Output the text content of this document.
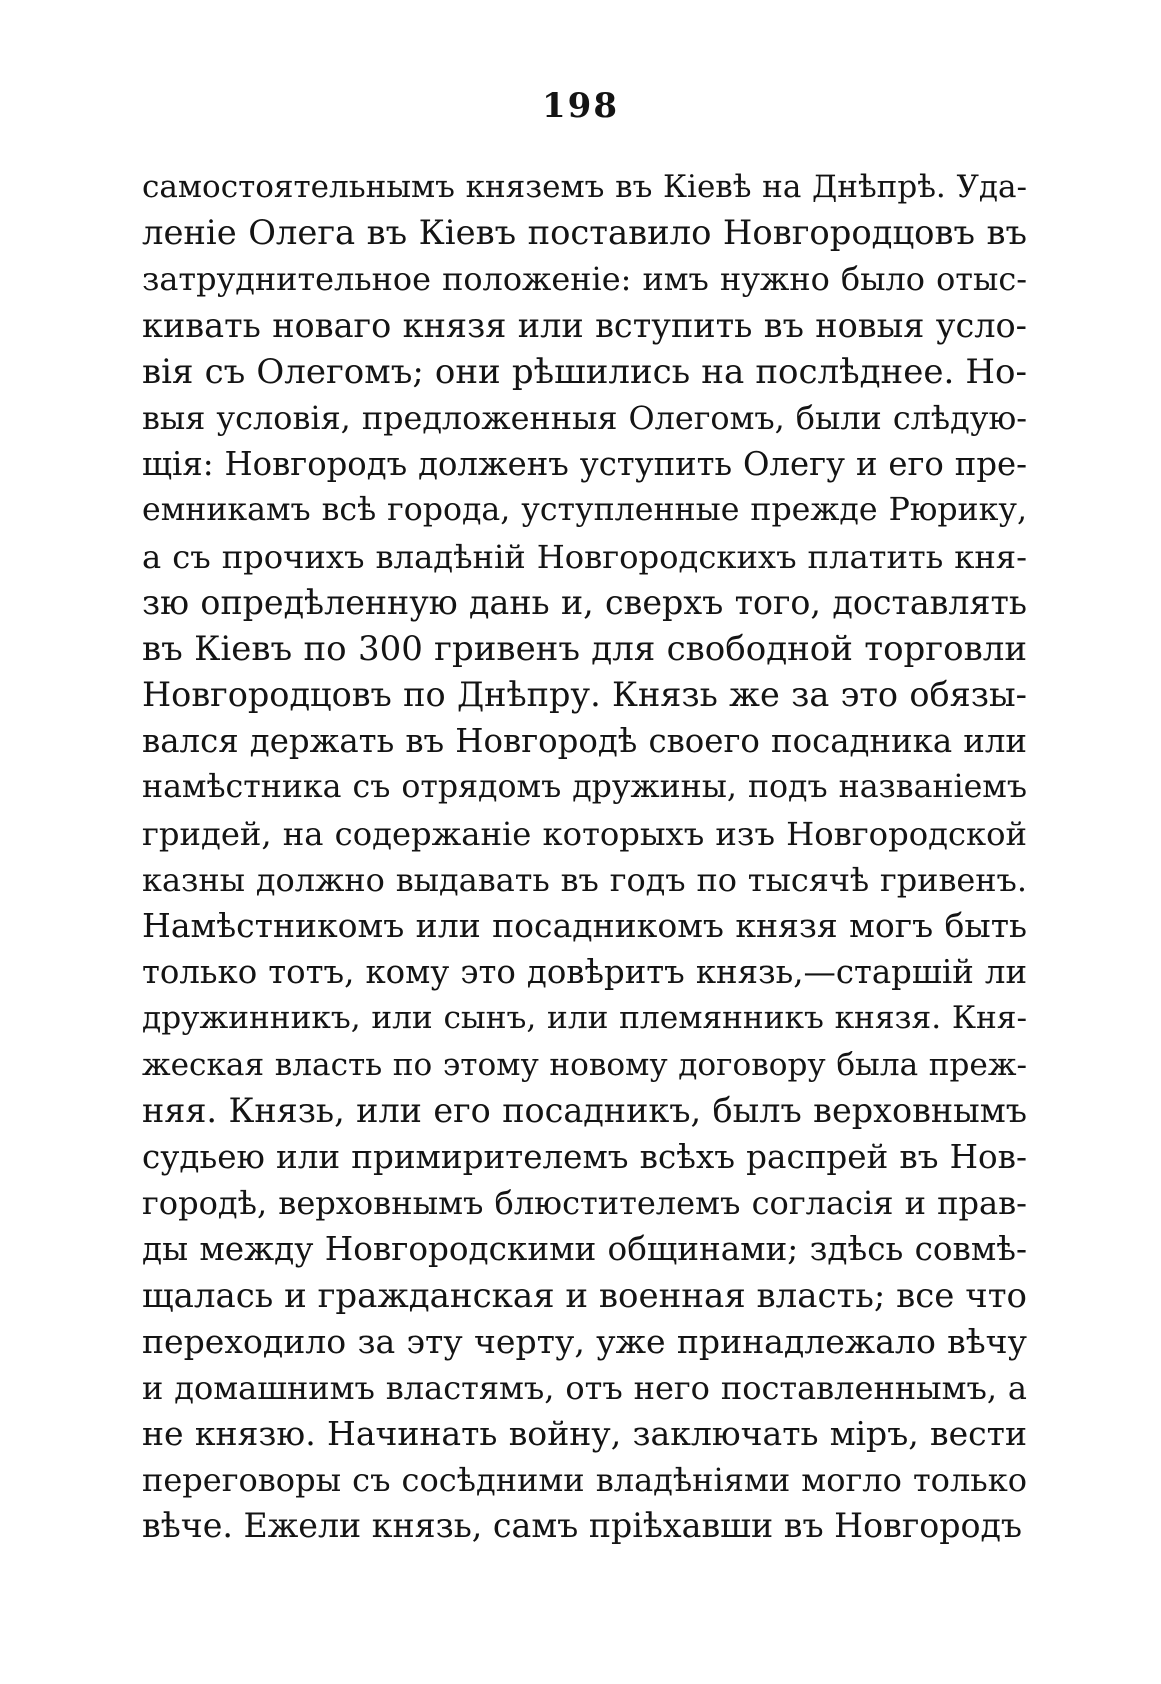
198
самостоятельнымъ княземъ въ Кіевѣ на Днѣпрѣ. Уда-
леніе Олега въ Кіевъ поставило Новгородцовъ въ
затруднительное положеніе: имъ нужно было отыс-
кивать новаго князя или вступить въ новыя усло-
вія съ Олегомъ; они рѣшились на послѣднее. Но-
выя условія, предложенныя Олегомъ, были слѣдую-
щія: Новгородъ долженъ уступить Олегу и его пре-
емникамъ всѣ города, уступленные прежде Рюрику,
а съ прочихъ владѣній Новгородскихъ платить кня-
зю опредѣленную дань и, сверхъ того, доставлять
въ Кіевъ по 300 гривенъ для свободной торговли
Новгородцовъ по Днѣпру. Князь же за это обязы-
вался держать въ Новгородѣ своего посадника или
намѣстника съ отрядомъ дружины, подъ названіемъ
гридей, на содержаніе которыхъ изъ Новгородской
казны должно выдавать въ годъ по тысячѣ гривенъ.
Намѣстникомъ или посадникомъ князя могъ быть
только тотъ, кому это довѣритъ князь,—старшій ли
дружинникъ, или сынъ, или племянникъ князя. Кня-
жеская власть по этому новому договору была преж-
няя. Князь, или его посадникъ, былъ верховнымъ
судьею или примирителемъ всѣхъ распрей въ Нов-
городѣ, верховнымъ блюстителемъ согласія и прав-
ды между Новгородскими общинами; здѣсь совмѣ-
щалась и гражданская и военная власть; все что
переходило за эту черту, уже принадлежало вѣчу
и домашнимъ властямъ, отъ него поставленнымъ, а
не князю. Начинать войну, заключать міръ, вести
переговоры съ сосѣдними владѣніями могло только
вѣче. Ежели князь, самъ пріѣхавши въ Новгородъ
